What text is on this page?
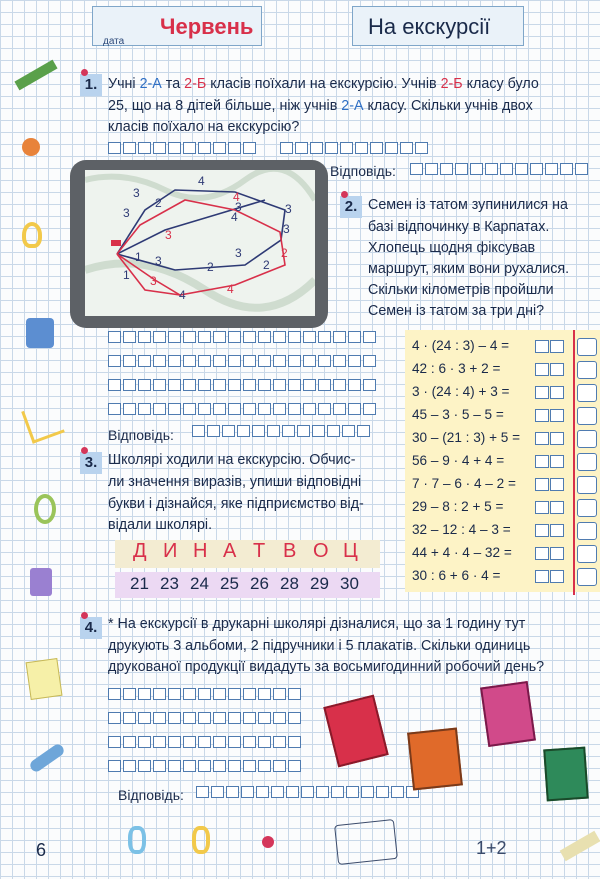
дата
Червень	На екскурсії
1. Учні 2-А та 2-Б класів поїхали на екскурсію. Учнів 2-Б класу було
25, що на 8 дітей більше, ніж учнів 2-А класу. Скільки учнів двох
класів поїхало на екскурсію?
Відповідь:
4
3
2	4
3
3
3
3
3
2
2
1 3
3
2
1
4	4
3
4
2. Семен із татом зупинилися на
базі відпочинку в Карпатах.
Хлопець щодня фіксував
маршрут, яким вони рухалися.
Скільки кілометрів пройшли
Семен із татом за три дні?
Відповідь:
4 · (24 : 3) – 4 =
42 : 6 · 3 + 2 =
3 · (24 : 4) + 3 =
45 – 3 · 5 – 5 =
30 – (21 : 3) + 5 =
56 – 9 · 4 + 4 =
7 · 7 – 6 · 4 – 2 =
29 – 8 : 2 + 5 =
32 – 12 : 4 – 3 =
44 + 4 · 4 – 32 =
30 : 6 + 6 · 4 =
3. Школярі ходили на екскурсію. Обчис-
ли значення виразів, упиши відповідні
букви і дізнайся, яке підприємство від-
відали школярі.
Д И Н А Т В О Ц
21 23 24 25 26 28 29 30
4. * На екскурсії в друкарні школярі дізналися, що за 1 годину тут
друкують 3 альбоми, 2 підручники і 5 плакатів. Скільки одиниць
друкованої продукції видадуть за восьмигодинний робочий день?
Відповідь:
1+2
6
